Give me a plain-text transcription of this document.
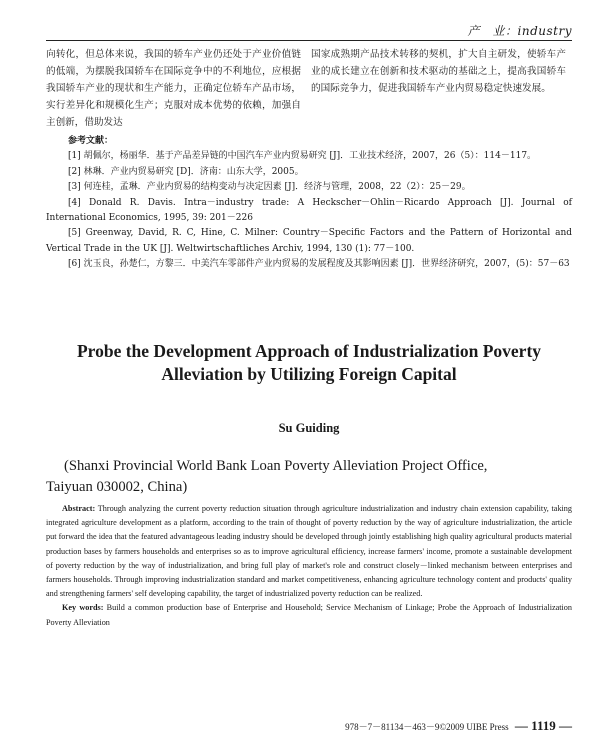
产　业：industry
向转化，但总体来说，我国的轿车产业仍还处于产业价值链的低端，为摆脱我国轿车在国际竞争中的不利地位，应根据我国轿车产业的现状和生产能力，正确定位轿车产品市场，实行差异化和规模化生产；克服对成本优势的依赖，加强自主创新，借助发达
国家成熟期产品技术转移的契机，扩大自主研发，使轿车产业的成长建立在创新和技术驱动的基础之上，提高我国轿车的国际竞争力，促进我国轿车产业内贸易稳定快速发展。
参考文献：
[1] 胡佩尔，杨丽华．基于产品差异链的中国汽车产业内贸易研究 [J]．工业技术经济，2007，26（5）：114－117。
[2] 林琳．产业内贸易研究 [D]．济南：山东大学，2005。
[3] 何连桂，孟琳．产业内贸易的结构变动与决定因素 [J]．经济与管理，2008，22（2）：25－29。
[4] Donald R. Davis. Intra－industry trade: A Heckscher－Ohlin－Ricardo Approach [J]. Journal of International Economics, 1995, 39: 201－226
[5] Greenway, David, R. C, Hine, C. Milner: Country－Specific Factors and the Pattern of Horizontal and Vertical Trade in the UK [J]. Weltwirtschaftliches Archiv, 1994, 130 (1): 77－100.
[6] 沈玉良，孙楚仁，方黎三．中美汽车零部件产业内贸易的发展程度及其影响因素 [J]．世界经济研究，2007，(5)：57－63
Probe the Development Approach of Industrialization Poverty
Alleviation by Utilizing Foreign Capital
Su Guiding
(Shanxi Provincial World Bank Loan Poverty Alleviation Project Office,
Taiyuan 030002, China)

Abstract: Through analyzing the current poverty reduction situation through agriculture industrialization and industry chain extension capability, taking integrated agriculture development as a platform, according to the train of thought of poverty reduction by the way of agriculture industrialization, the article put forward the idea that the featured advantageous leading industry should be developed through jointly establishing high quality agricultural products material production bases by farmers households and enterprises so as to improve agricultural efficiency, increase farmers' income, promote a sustainable development of poverty reduction by the way of industrialization, and bring full play of market's role and construct closely－linked mechanism between enterprises and farmers households. Through improving industrialization standard and market competitiveness, enhancing agriculture technology content and products' quality and strengthening farmers' self developing capability, the target of industrialized poverty reduction can be realized.

Key words: Build a common production base of Enterprise and Household; Service Mechanism of Linkage; Probe the Approach of Industrialization Poverty Alleviation

978－7－81134－463－9©2009 UIBE Press — 1119 —
